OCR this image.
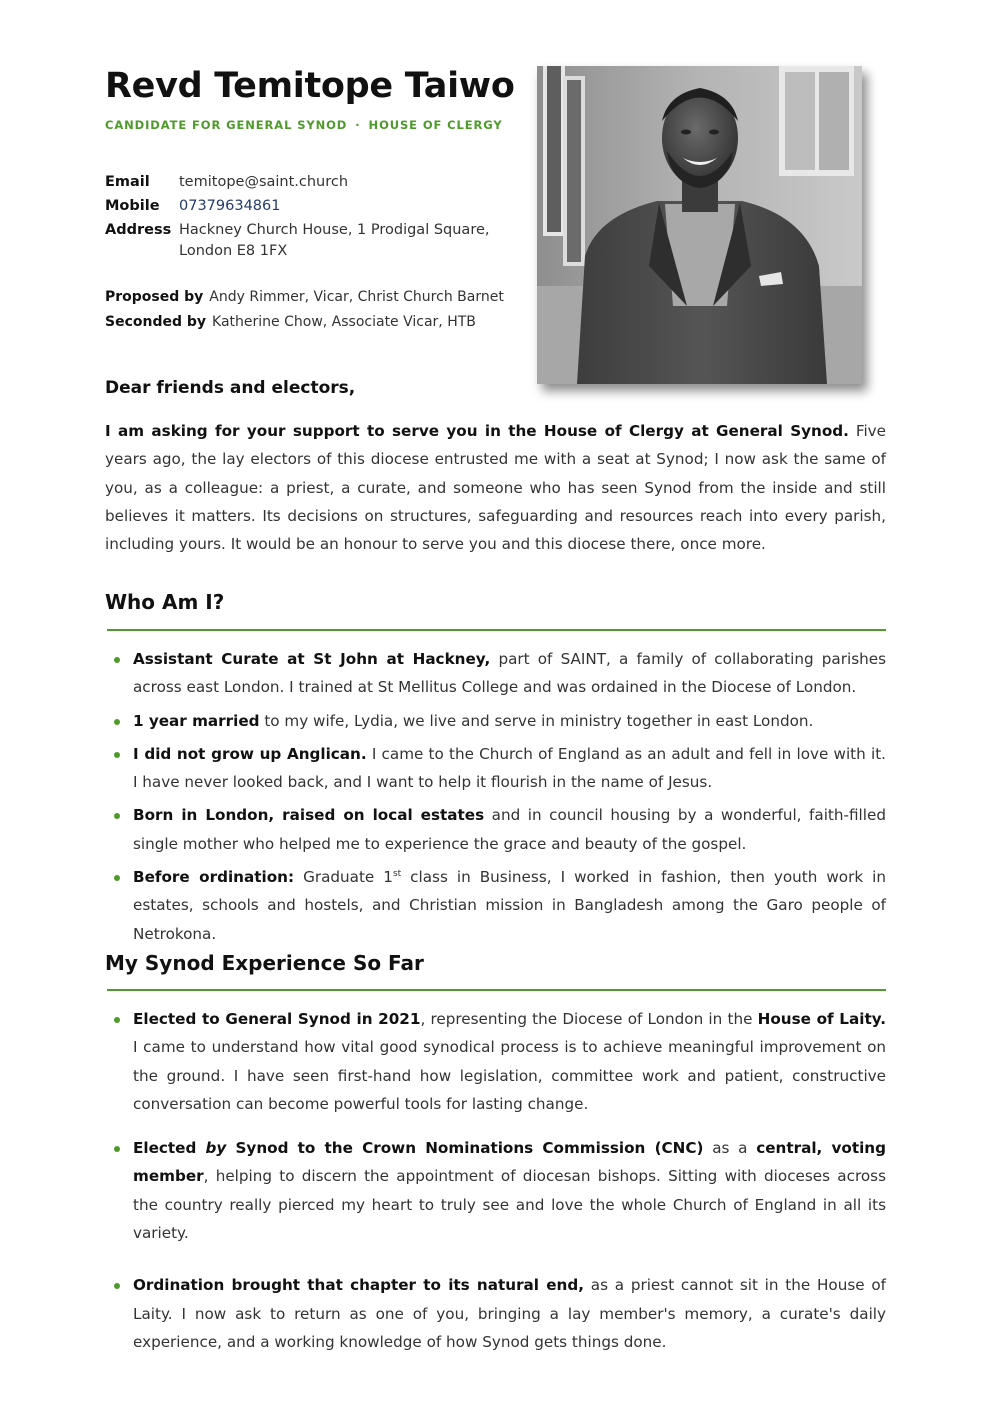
Revd Temitope Taiwo
CANDIDATE FOR GENERAL SYNOD · HOUSE OF CLERGY
Email	temitope@saint.church
Mobile	07379634861
Address Hackney Church House, 1 Prodigal Square,
London E8 1FX
Proposed by Andy Rimmer, Vicar, Christ Church Barnet
Seconded by Katherine Chow, Associate Vicar, HTB
Dear friends and electors,

I am asking for your support to serve you in the House of Clergy at General Synod. Five years ago, the lay electors of this diocese entrusted me with a seat at Synod; I now ask the same of you, as a colleague: a priest, a curate, and someone who has seen Synod from the inside and still believes it matters. Its decisions on structures, safeguarding and resources reach into every parish, including yours. It would be an honour to serve you and this diocese there, once more.

Who Am I?
Assistant Curate at St John at Hackney, part of SAINT, a family of collaborating parishes across east London. I trained at St Mellitus College and was ordained in the Diocese of London.
1 year married to my wife, Lydia, we live and serve in ministry together in east London.
I did not grow up Anglican. I came to the Church of England as an adult and fell in love with it. I have never looked back, and I want to help it flourish in the name of Jesus.
Born in London, raised on local estates and in council housing by a wonderful, faith-filled single mother who helped me to experience the grace and beauty of the gospel.
Before ordination: Graduate 1st class in Business, I worked in fashion, then youth work in estates, schools and hostels, and Christian mission in Bangladesh among the Garo people of Netrokona.
My Synod Experience So Far
Elected to General Synod in 2021, representing the Diocese of London in the House of Laity. I came to understand how vital good synodical process is to achieve meaningful improvement on the ground. I have seen first-hand how legislation, committee work and patient, constructive conversation can become powerful tools for lasting change.
Elected by Synod to the Crown Nominations Commission (CNC) as a central, voting member, helping to discern the appointment of diocesan bishops. Sitting with dioceses across the country really pierced my heart to truly see and love the whole Church of England in all its variety.
Ordination brought that chapter to its natural end, as a priest cannot sit in the House of Laity. I now ask to return as one of you, bringing a lay member's memory, a curate's daily experience, and a working knowledge of how Synod gets things done.
